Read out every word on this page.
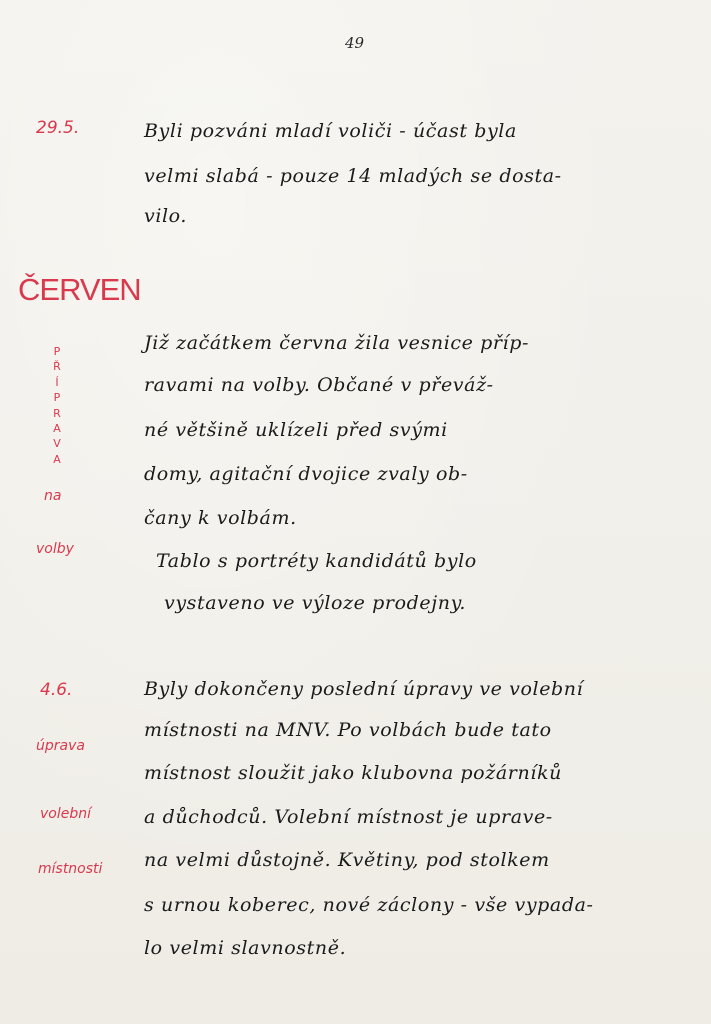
49
29.5.	Byli pozváni mladí voliči - účast byla
velmi slabá - pouze 14 mladých se dosta-
vilo.
ČERVEN
P
Ř
Í
P
R
A
V
A
na
volby
Již začátkem června žila vesnice příp-
ravami na volby. Občané v převáž-
né většině uklízeli před svými
domy, agitační dvojice zvaly ob-
čany k volbám.
Tablo s portréty kandidátů bylo
vystaveno ve výloze prodejny.
4.6.
úprava
volební
místnosti
Byly dokončeny poslední úpravy ve volební
místnosti na MNV. Po volbách bude tato
místnost sloužit jako klubovna požárníků
a důchodců. Volební místnost je uprave-
na velmi důstojně. Květiny, pod stolkem
s urnou koberec, nové záclony - vše vypada-
lo velmi slavnostně.
